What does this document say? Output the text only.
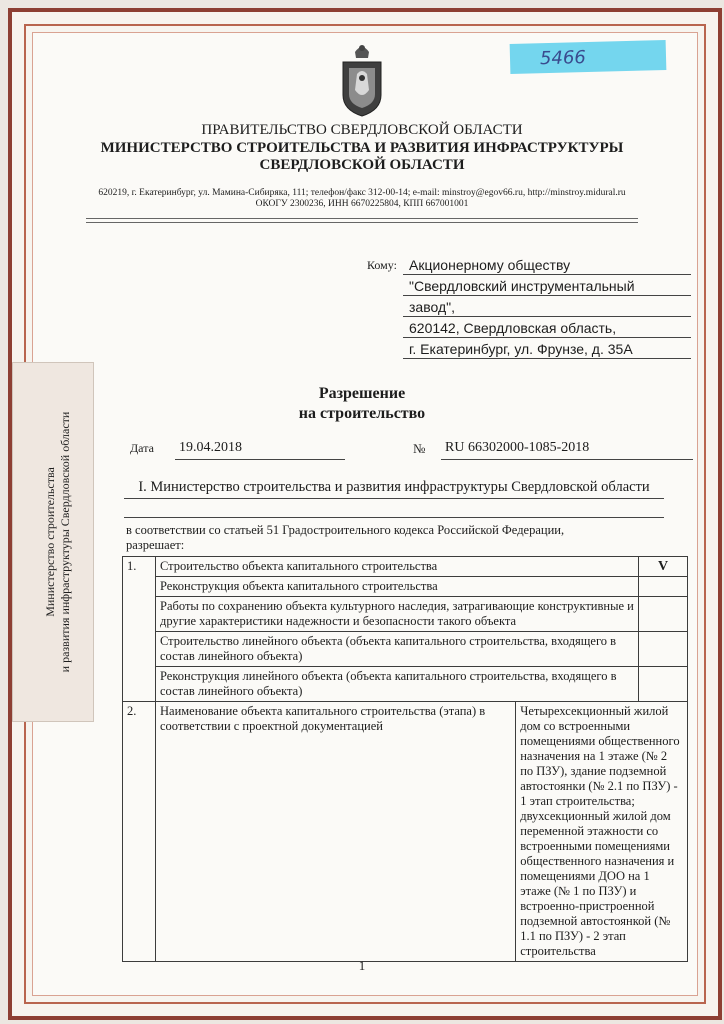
5466
ПРАВИТЕЛЬСТВО СВЕРДЛОВСКОЙ ОБЛАСТИ
МИНИСТЕРСТВО СТРОИТЕЛЬСТВА И РАЗВИТИЯ ИНФРАСТРУКТУРЫ
СВЕРДЛОВСКОЙ ОБЛАСТИ
620219, г. Екатеринбург, ул. Мамина-Сибиряка, 111; телефон/факс 312-00-14; e-mail: minstroy@egov66.ru, http://minstroy.midural.ru
ОКОГУ 2300236, ИНН 6670225804, КПП 667001001
Кому: Акционерному обществу
"Свердловский инструментальный
завод",
620142, Свердловская область,
г. Екатеринбург, ул. Фрунзе, д. 35А
Разрешение
на строительство
Дата 19.04.2018	№ RU 66302000-1085-2018
I. Министерство строительства и развития инфраструктуры Свердловской области
в соответствии со статьей 51 Градостроительного кодекса Российской Федерации,
разрешает:
1.	Строительство объекта капитального строительства		V
	Реконструкция объекта капитального строительства		
	Работы по сохранению объекта культурного наследия, затрагивающие конструктивные и другие характеристики надежности и безопасности такого объекта		
	Строительство линейного объекта (объекта капитального строительства, входящего в состав линейного объекта)		
	Реконструкция линейного объекта (объекта капитального строительства, входящего в состав линейного объекта)		
2.	Наименование объекта капитального строительства (этапа) в соответствии с проектной документацией	Четырехсекционный жилой дом со встроенными помещениями общественного назначения на 1 этаже (№ 2 по ПЗУ), здание подземной автостоянки (№ 2.1 по ПЗУ) - 1 этап строительства; двухсекционный жилой дом переменной этажности со встроенными помещениями общественного назначения и помещениями ДОО на 1 этаже (№ 1 по ПЗУ) и встроенно-пристроенной подземной автостоянкой (№ 1.1 по ПЗУ) - 2 этап строительства	
Министерство строительства и развития инфраструктуры Свердловской области
1
